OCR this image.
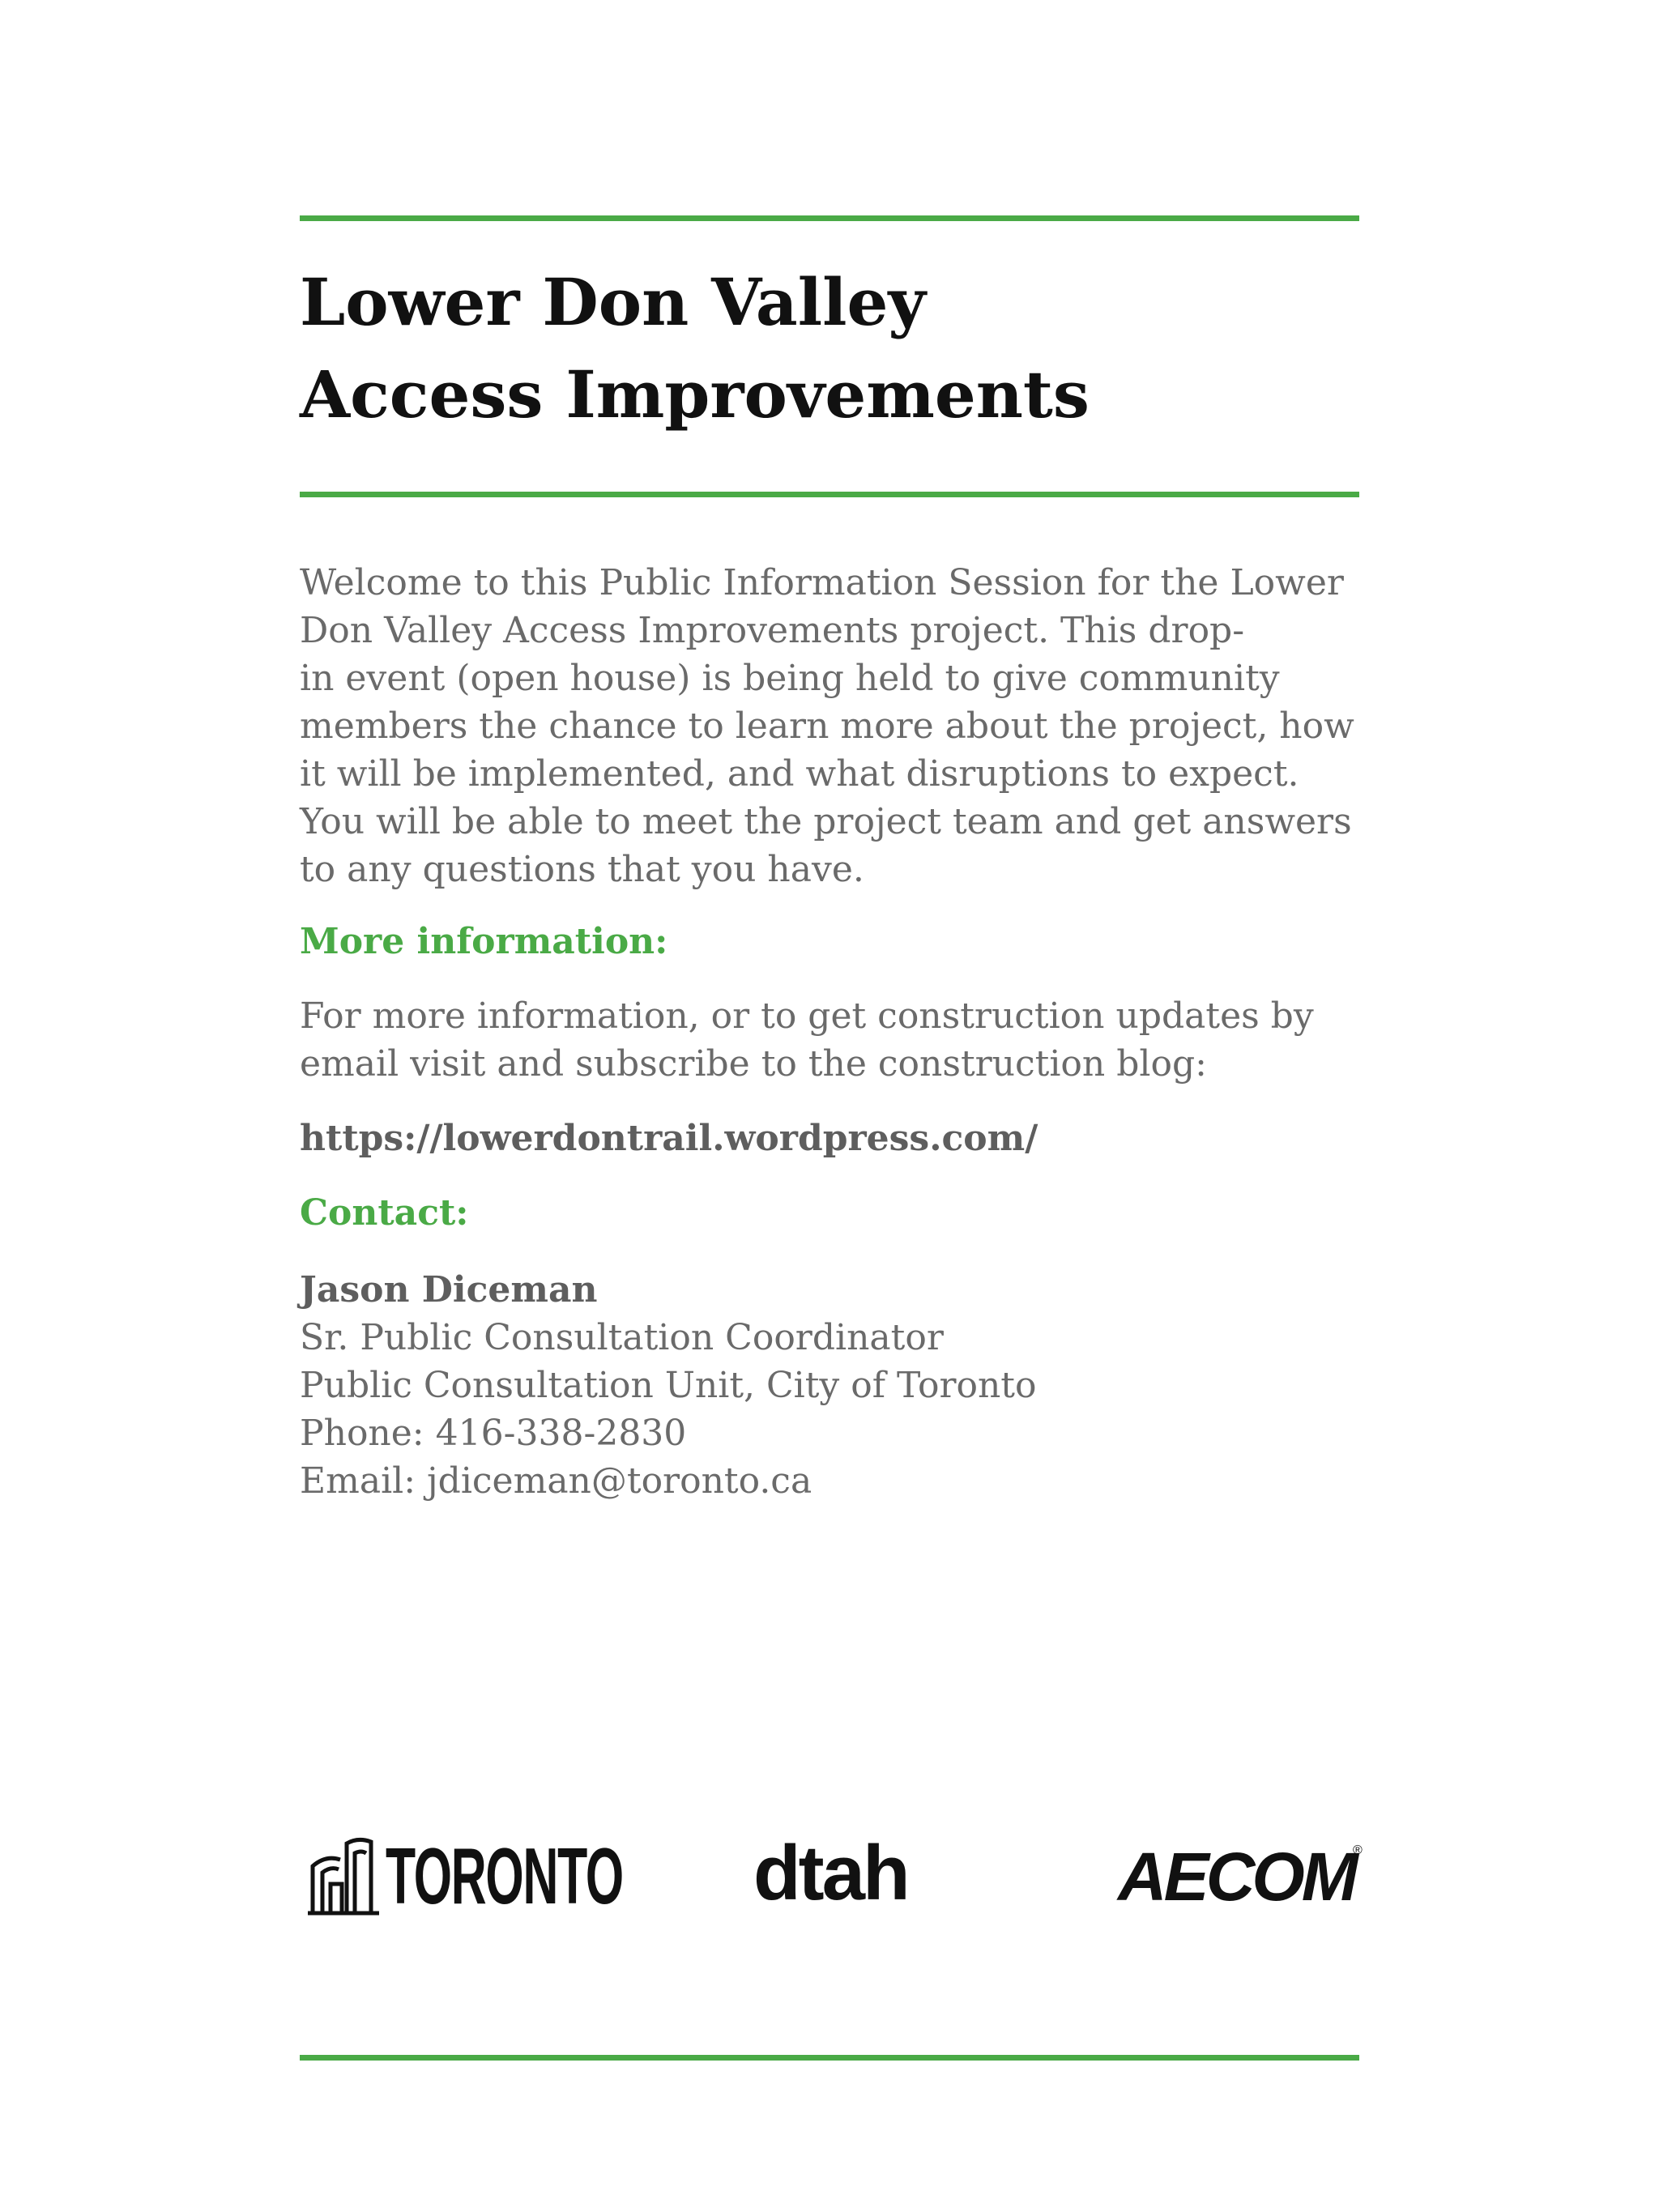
Lower Don Valley
Access Improvements

Welcome to this Public Information Session for the Lower
Don Valley Access Improvements project. This drop-
in event (open house) is being held to give community
members the chance to learn more about the project, how
it will be implemented, and what disruptions to expect.
You will be able to meet the project team and get answers
to any questions that you have.

More information:

For more information, or to get construction updates by
email visit and subscribe to the construction blog:

https://lowerdontrail.wordpress.com/

Contact:
Jason Diceman
Sr. Public Consultation Coordinator
Public Consultation Unit, City of Toronto
Phone: 416-338-2830
Email: jdiceman@toronto.ca
TORONTO dtah	AECOM
®
